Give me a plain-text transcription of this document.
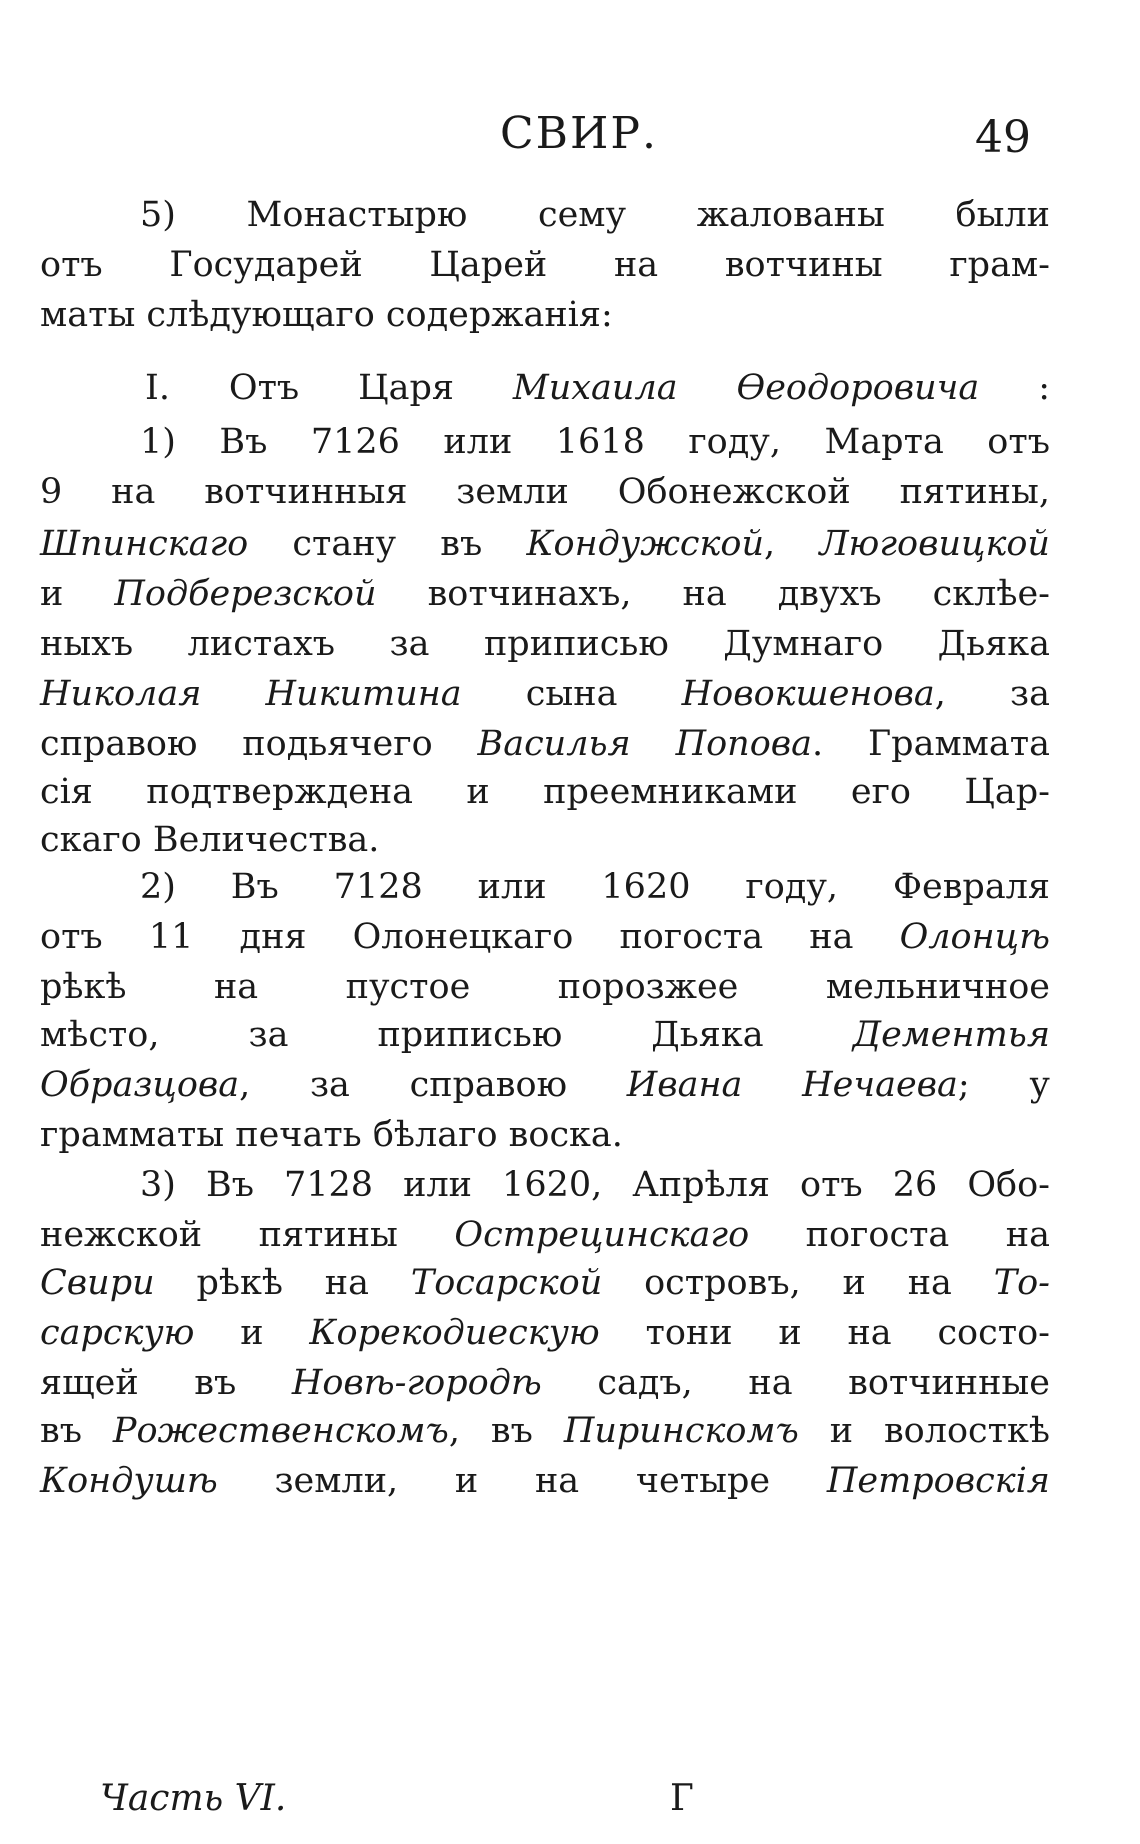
СВИР.	49
5) Монастырю сему жалованы были
отъ Государей Царей на вотчины грам-
маты слѣдующаго содержанія:
I. Отъ Царя Михаила Ѳеодоровича :
1) Въ 7126 или 1618 году, Марта отъ
9 на вотчинныя земли Обонежской пятины,
Шпинскаго стану въ Кондужской, Люговицкой
и Подберезской вотчинахъ, на двухъ склѣе-
ныхъ листахъ за приписью Думнаго Дьяка
Николая Никитина сына Новокшенова, за
справою подьячего Василья Попова. Граммата
сія подтверждена и преемниками его Цар-
скаго Величества.
2) Въ 7128 или 1620 году, Февраля
отъ 11 дня Олонецкаго погоста на Олонцѣ
рѣкѣ на пустое порозжее мельничное
мѣсто, за приписью Дьяка Дементья
Образцова, за справою Ивана Нечаева; у
грамматы печать бѣлаго воска.
3) Въ 7128 или 1620, Апрѣля отъ 26 Обо-
нежской пятины Острецинскаго погоста на
Свири рѣкѣ на Тосарской островъ, и на То-
сарскую и Корекодиескую тони и на состо-
ящей въ Новѣ-городѣ садъ, на вотчинные
въ Рожественскомъ, въ Пиринскомъ и волосткѣ
Кондушѣ земли, и на четыре Петровскія
Часть VI.	Г
